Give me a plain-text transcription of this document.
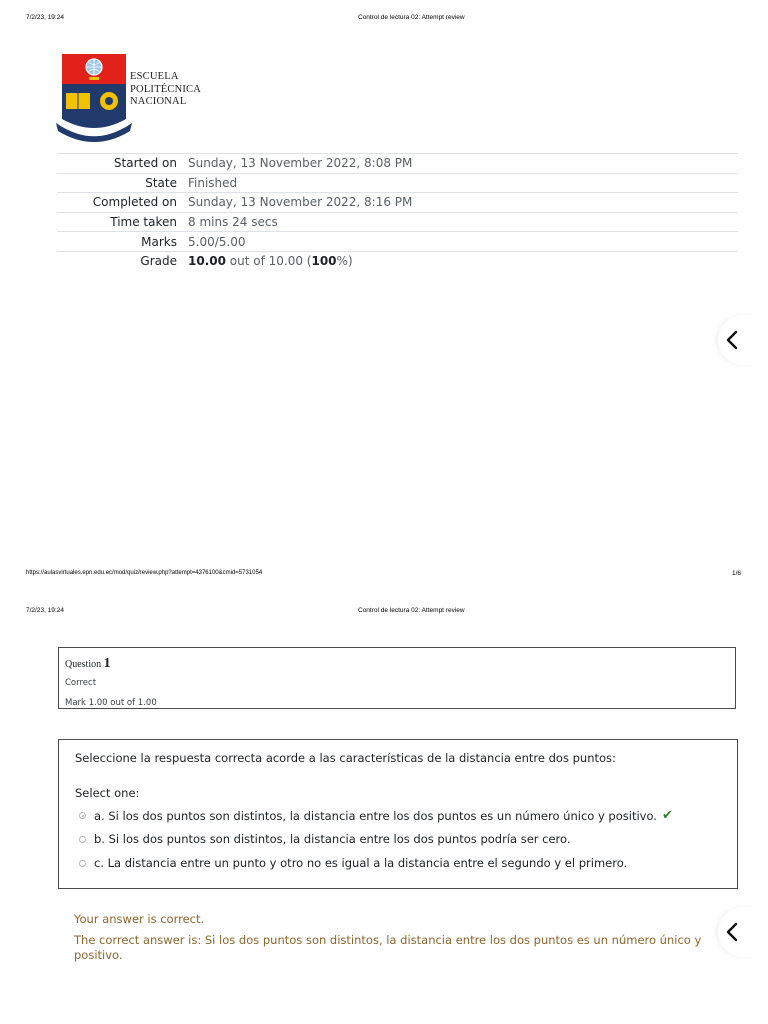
7/2/23, 19:24	Control de lectura 02: Attempt review
ESCUELA
POLITÉCNICA
NACIONAL
Started on	Sunday, 13 November 2022, 8:08 PM
State	Finished
Completed on	Sunday, 13 November 2022, 8:16 PM
Time taken	8 mins 24 secs
Marks	5.00/5.00
Grade	10.00 out of 10.00 (100%)
https://aulasvirtuales.epn.edu.ec/mod/quiz/review.php?attempt=4376100&cmid=5731054	1/6
7/2/23, 19:24	Control de lectura 02: Attempt review
Question 1
Correct
Mark 1.00 out of 1.00
Seleccione la respuesta correcta acorde a las características de la distancia entre dos puntos:
Select one:
a. Si los dos puntos son distintos, la distancia entre los dos puntos es un número único y positivo. ✔
b. Si los dos puntos son distintos, la distancia entre los dos puntos podría ser cero.
c. La distancia entre un punto y otro no es igual a la distancia entre el segundo y el primero.
Your answer is correct.
The correct answer is: Si los dos puntos son distintos, la distancia entre los dos puntos es un número único y positivo.
